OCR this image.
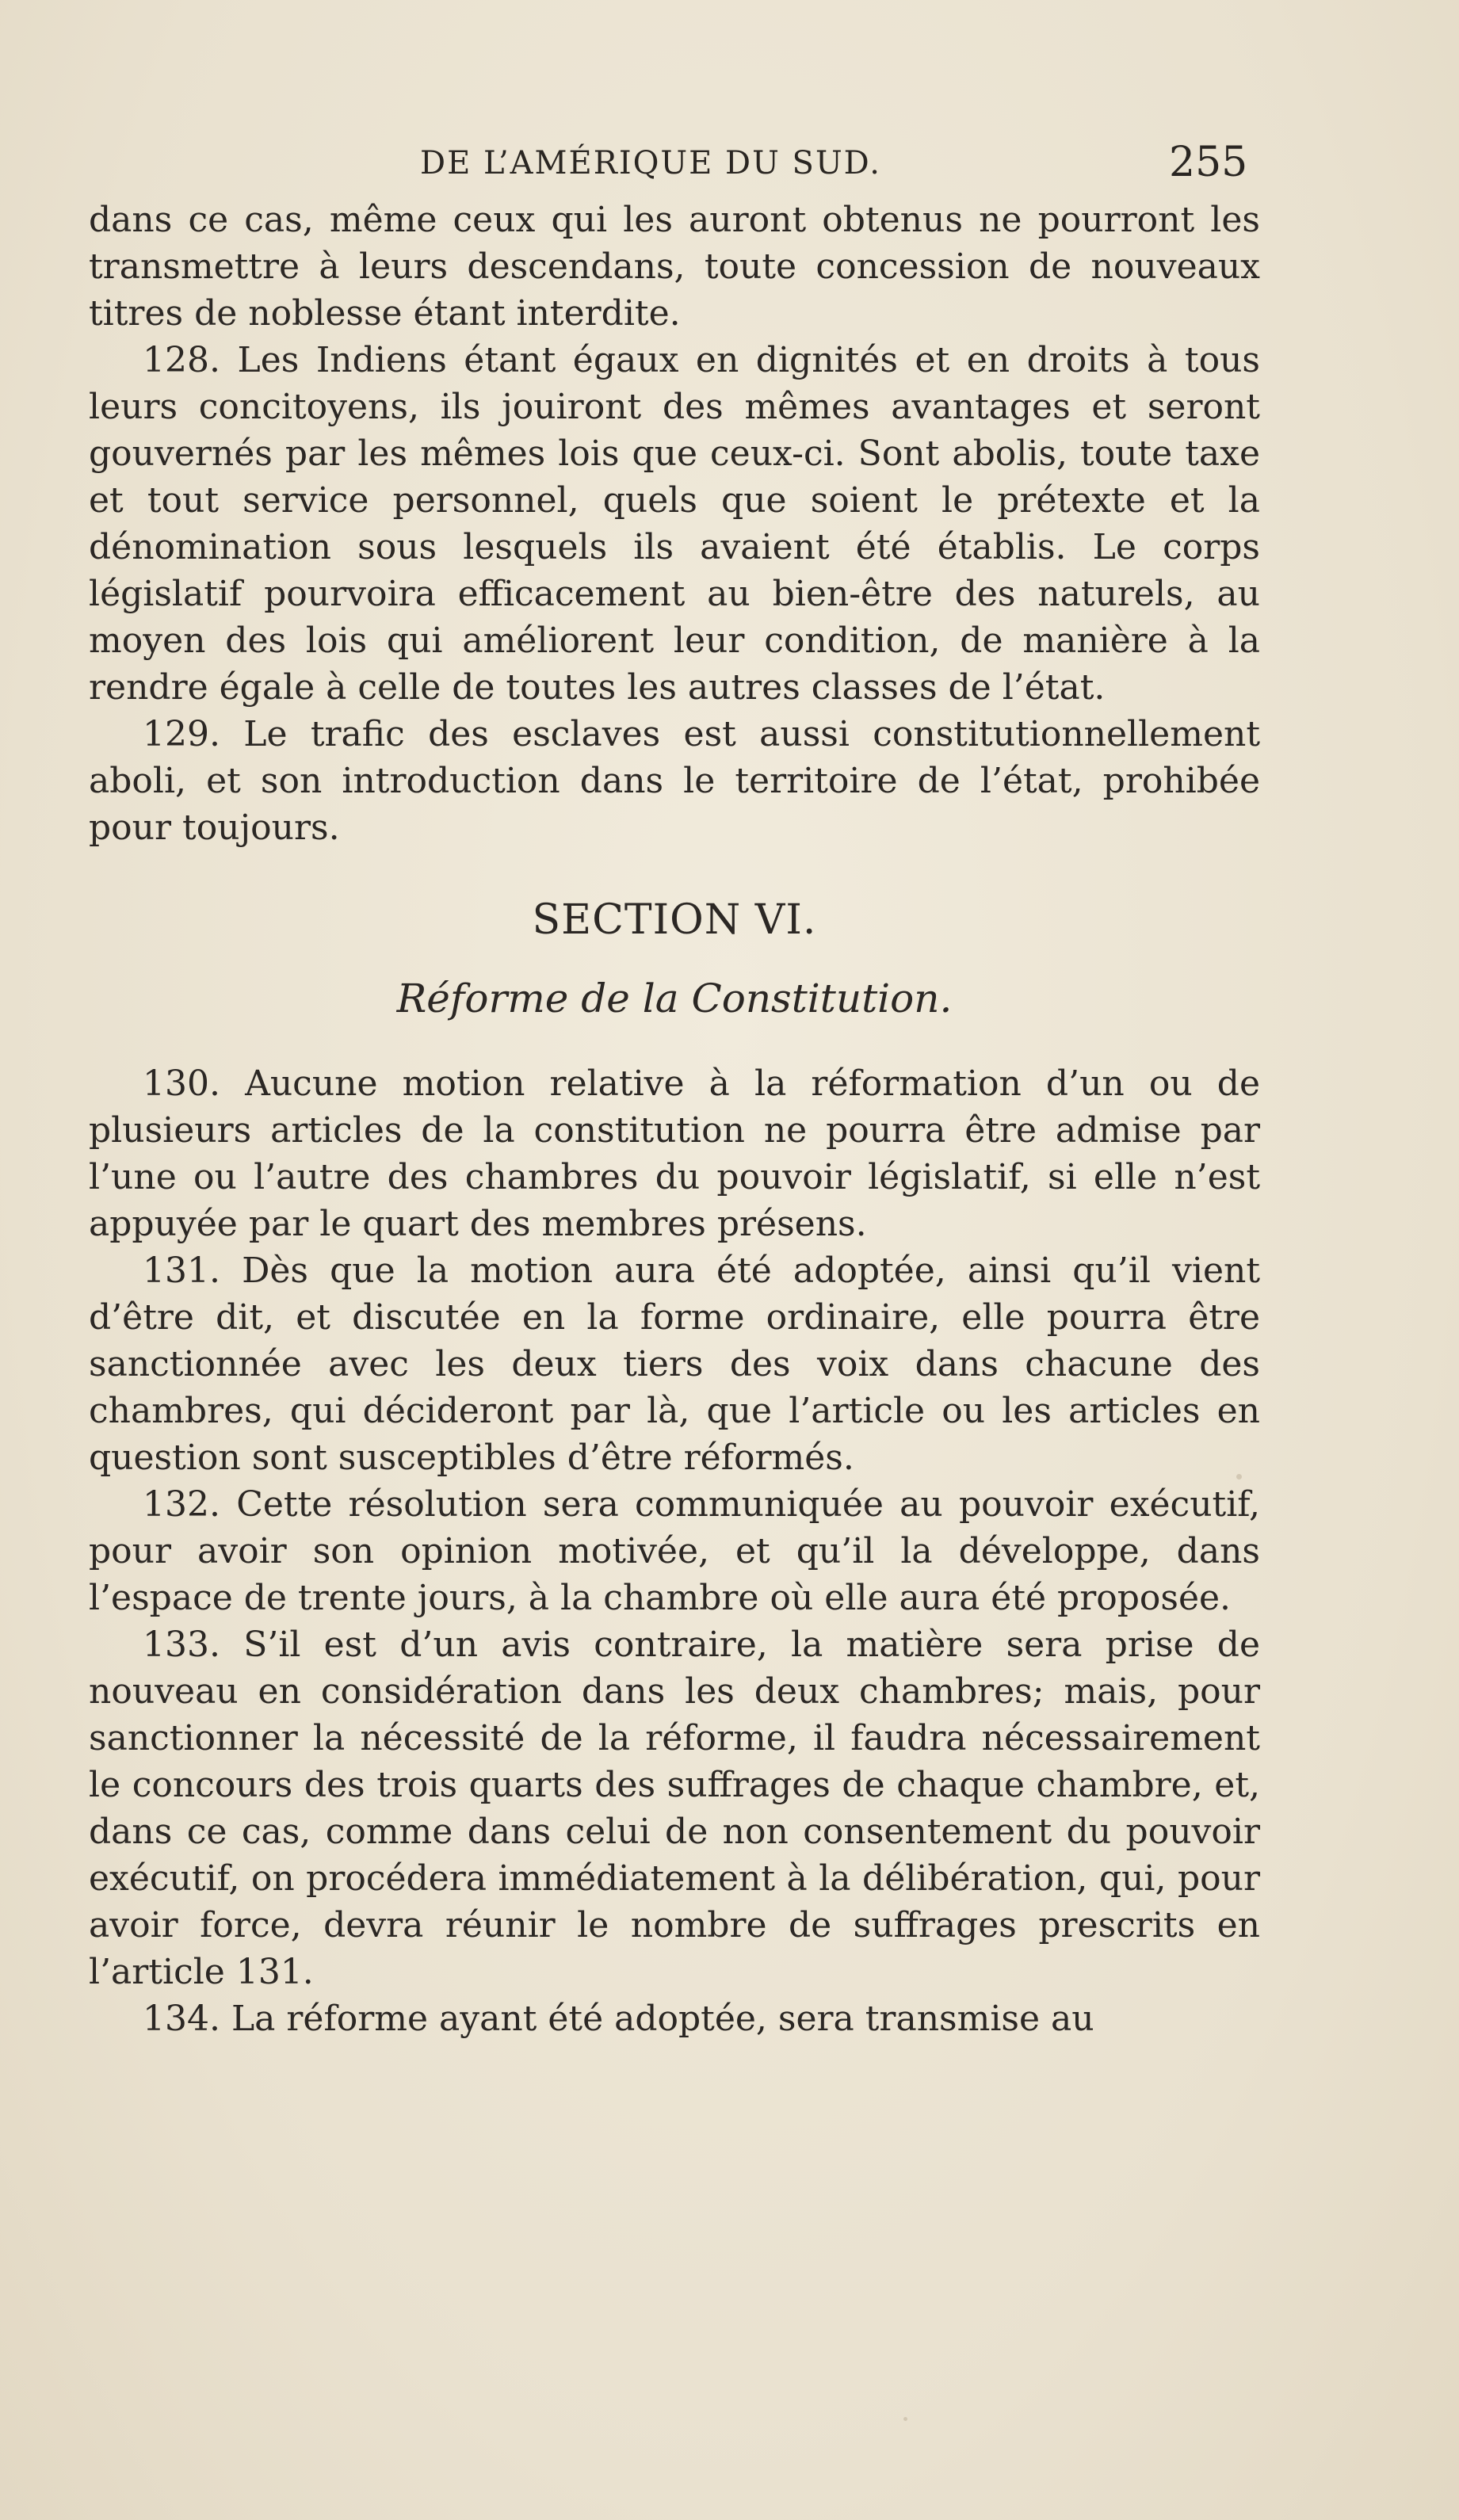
DE L’AMÉRIQUE DU SUD.	255

dans ce cas, même ceux qui les auront obtenus ne pourront les transmettre à leurs descendans, toute concession de nouveaux titres de noblesse étant interdite.

128. Les Indiens étant égaux en dignités et en droits à tous leurs concitoyens, ils jouiront des mêmes avantages et seront gouvernés par les mêmes lois que ceux-ci. Sont abolis, toute taxe et tout service personnel, quels que soient le prétexte et la dénomination sous lesquels ils avaient été établis. Le corps législatif pourvoira efficacement au bien-être des naturels, au moyen des lois qui améliorent leur condition, de manière à la rendre égale à celle de toutes les autres classes de l’état.

129. Le trafic des esclaves est aussi constitutionnellement aboli, et son introduction dans le territoire de l’état, prohibée pour toujours.

SECTION VI.

Réforme de la Constitution.

130. Aucune motion relative à la réformation d’un ou de plusieurs articles de la constitution ne pourra être admise par l’une ou l’autre des chambres du pouvoir législatif, si elle n’est appuyée par le quart des membres présens.

131. Dès que la motion aura été adoptée, ainsi qu’il vient d’être dit, et discutée en la forme ordinaire, elle pourra être sanctionnée avec les deux tiers des voix dans chacune des chambres, qui décideront par là, que l’article ou les articles en question sont susceptibles d’être réformés.

132. Cette résolution sera communiquée au pouvoir exécutif, pour avoir son opinion motivée, et qu’il la développe, dans l’espace de trente jours, à la chambre où elle aura été proposée.

133. S’il est d’un avis contraire, la matière sera prise de nouveau en considération dans les deux chambres; mais, pour sanctionner la nécessité de la réforme, il faudra nécessairement le concours des trois quarts des suffrages de chaque chambre, et, dans ce cas, comme dans celui de non consentement du pouvoir exécutif, on procédera immédiatement à la délibération, qui, pour avoir force, devra réunir le nombre de suffrages prescrits en l’article 131.

134. La réforme ayant été adoptée, sera transmise au
